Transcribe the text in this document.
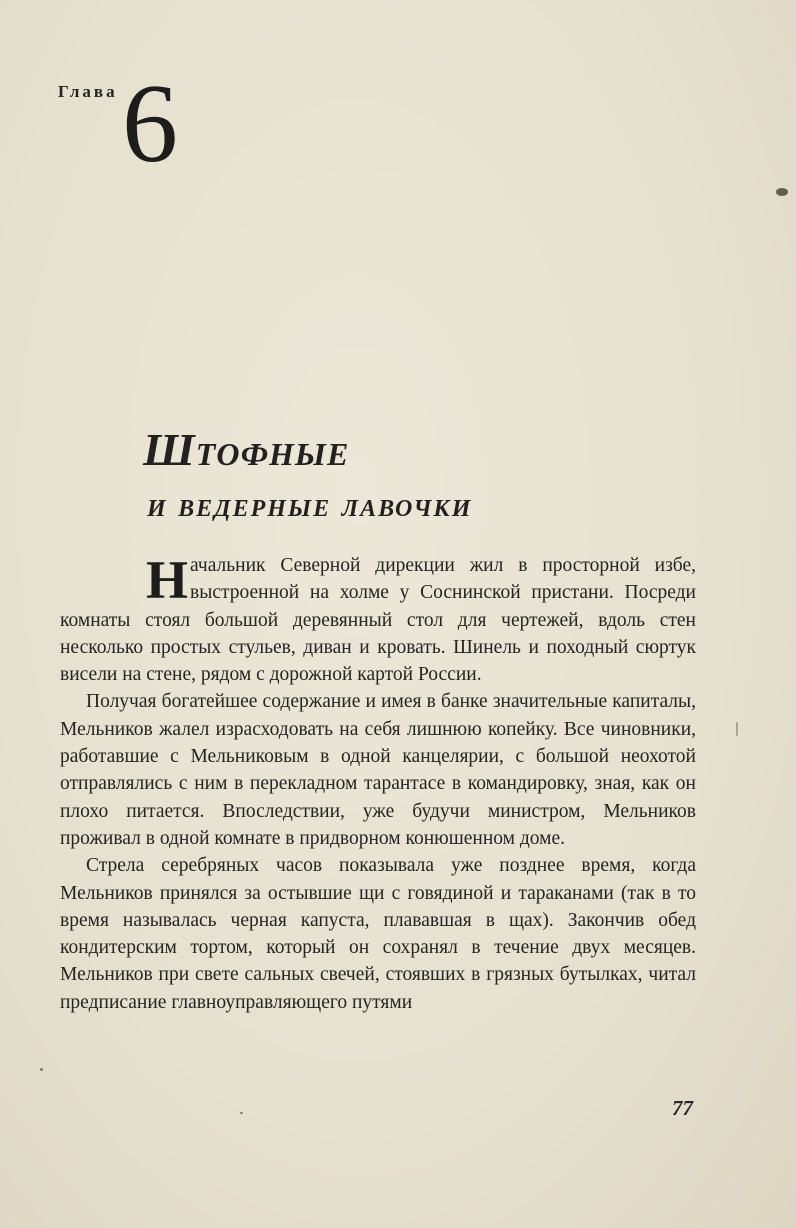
Глава 6
Штофные
и ведерные лавочки

Начальник Северной дирекции жил в просторной избе, выстроенной на холме у Соснинской пристани. Посреди комнаты стоял большой деревянный стол для чертежей, вдоль стен несколько простых стульев, диван и кровать. Шинель и походный сюртук висели на стене, рядом с дорожной картой России.

Получая богатейшее содержание и имея в банке значительные капиталы, Мельников жалел израсходовать на себя лишнюю копейку. Все чиновники, работавшие с Мельниковым в одной канцелярии, с большой неохотой отправлялись с ним в перекладном тарантасе в командировку, зная, как он плохо питается. Впоследствии, уже будучи министром, Мельников проживал в одной комнате в придворном конюшенном доме.

Стрела серебряных часов показывала уже позднее время, когда Мельников принялся за остывшие щи с говядиной и тараканами (так в то время называлась черная капуста, плававшая в щах). Закончив обед кондитерским тортом, который он сохранял в течение двух месяцев. Мельников при свете сальных свечей, стоявших в грязных бутылках, читал предписание главноуправляющего путями

77
